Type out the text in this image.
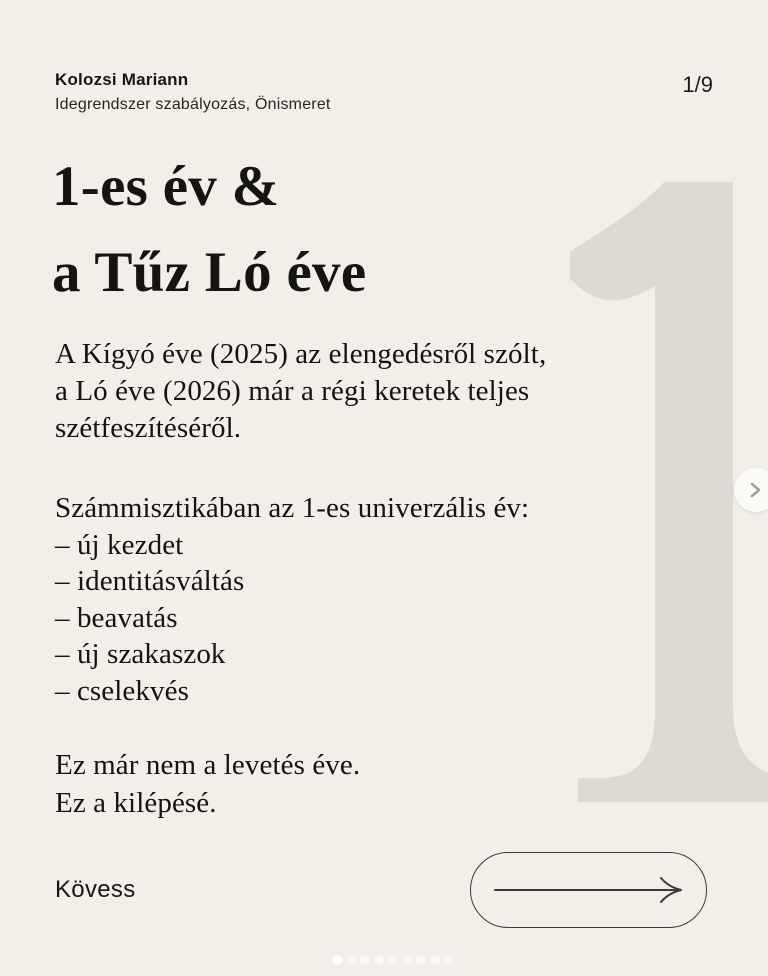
Kolozsi Mariann
Idegrendszer szabályozás, Önismeret
1/9
1-es év &
a Tűz Ló éve
A Kígyó éve (2025) az elengedésről szólt,
a Ló éve (2026) már a régi keretek teljes
szétfeszítéséről.
Számmisztikában az 1-es univerzális év:
– új kezdet
– identitásváltás
– beavatás
– új szakaszok
– cselekvés
Ez már nem a levetés éve.
Ez a kilépésé.
Kövess
